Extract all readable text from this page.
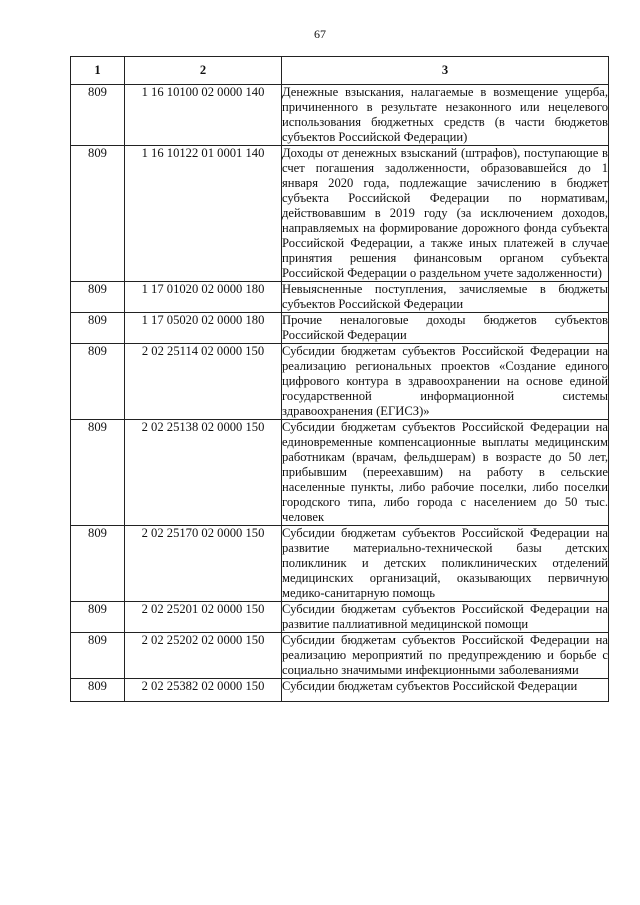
67
1	2	3
809	1 16 10100 02 0000 140	Денежные взыскания, налагаемые в возмещение ущерба, причиненного в результате незаконного или нецелевого использования бюджетных средств (в части бюджетов субъектов Российской Федерации)
809	1 16 10122 01 0001 140	Доходы от денежных взысканий (штрафов), поступающие в счет погашения задолженности, образовавшейся до 1 января 2020 года, подлежащие зачислению в бюджет субъекта Российской Федерации по нормативам, действовавшим в 2019 году (за исключением доходов, направляемых на формирование дорожного фонда субъекта Российской Федерации, а также иных платежей в случае принятия решения финансовым органом субъекта Российской Федерации о раздельном учете задолженности)
809	1 17 01020 02 0000 180	Невыясненные поступления, зачисляемые в бюджеты субъектов Российской Федерации
809	1 17 05020 02 0000 180	Прочие неналоговые доходы бюджетов субъектов Российской Федерации
809	2 02 25114 02 0000 150	Субсидии бюджетам субъектов Российской Федерации на реализацию региональных проектов «Создание единого цифрового контура в здравоохранении на основе единой государственной информационной системы здравоохранения (ЕГИСЗ)»
809	2 02 25138 02 0000 150	Субсидии бюджетам субъектов Российской Федерации на единовременные компенсационные выплаты медицинским работникам (врачам, фельдшерам) в возрасте до 50 лет, прибывшим (переехавшим) на работу в сельские населенные пункты, либо рабочие поселки, либо поселки городского типа, либо города с населением до 50 тыс. человек
809	2 02 25170 02 0000 150	Субсидии бюджетам субъектов Российской Федерации на развитие материально-технической базы детских поликлиник и детских поликлинических отделений медицинских организаций, оказывающих первичную медико-санитарную помощь
809	2 02 25201 02 0000 150	Субсидии бюджетам субъектов Российской Федерации на развитие паллиативной медицинской помощи
809	2 02 25202 02 0000 150	Субсидии бюджетам субъектов Российской Федерации на реализацию мероприятий по предупреждению и борьбе с социально значимыми инфекционными заболеваниями
809	2 02 25382 02 0000 150	Субсидии бюджетам субъектов Российской Федерации
